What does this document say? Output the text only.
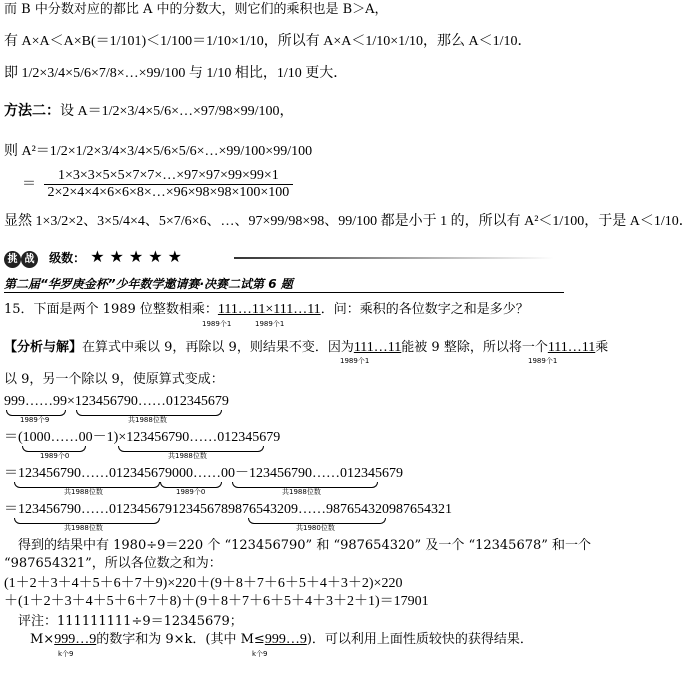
而 B 中分数对应的都比 A 中的分数大，则它们的乘积也是 B＞A，
有 A×A＜A×B(＝1/101)＜1/100＝1/10×1/10，所以有 A×A＜1/10×1/10，那么 A＜1/10．
即 1/2×3/4×5/6×7/8×…×99/100 与 1/10 相比，1/10 更大．
方法二：设 A＝1/2×3/4×5/6×…×97/98×99/100，
则 A²＝1/2×1/2×3/4×3/4×5/6×5/6×…×99/100×99/100
＝ $\frac{1\times 3\times 3\times 5\times 5\times 7\times 7\times\dots\times 97\times 97\times 99\times 99\times 1}{2\times 2\times 4\times 4\times 6\times 6\times 8\times\dots\times 96\times 98\times 98\times 100\times 100}$
显然 1×3/2×2、3×5/4×4、5×7/6×6、…、97×99/98×98、99/100 都是小于 1 的，所以有 A²＜1/100，于是 A＜1/10．
挑 战 级数： ★★★★★
第二届“华罗庚金杯”少年数学邀请赛·决赛二试第 6 题
15．下面是两个 1989 位整数相乘：111…11×111…11．问：乘积的各位数字之和是多少？
1989个1	1989个1
【分析与解】在算式中乘以 9，再除以 9，则结果不变．因为111…11能被 9 整除，所以将一个111…11乘
1989个1	1989个1
以 9，另一个除以 9，使原算式变成：
999……99×123456790……012345679
1989个9	共1988位数
＝(1000……00－1)×123456790……012345679
1989个0	共1988位数
＝123456790……012345679000……00－123456790……012345679
共1988位数	1989个0	共1988位数
＝123456790……012345679123456789876543209……987654320987654321
共1988位数	共1980位数
得到的结果中有 1980÷9＝220 个 “123456790” 和 “987654320” 及一个 “12345678” 和一个
“987654321”，所以各位数之和为：
(1＋2＋3＋4＋5＋6＋7＋9)×220＋(9＋8＋7＋6＋5＋4＋3＋2)×220
＋(1＋2＋3＋4＋5＋6＋7＋8)＋(9＋8＋7＋6＋5＋4＋3＋2＋1)＝17901
评注：111111111÷9＝12345679；
M×999…9的数字和为 9×k．(其中 M≤999…9)．可以利用上面性质较快的获得结果．
k个9	k个9
